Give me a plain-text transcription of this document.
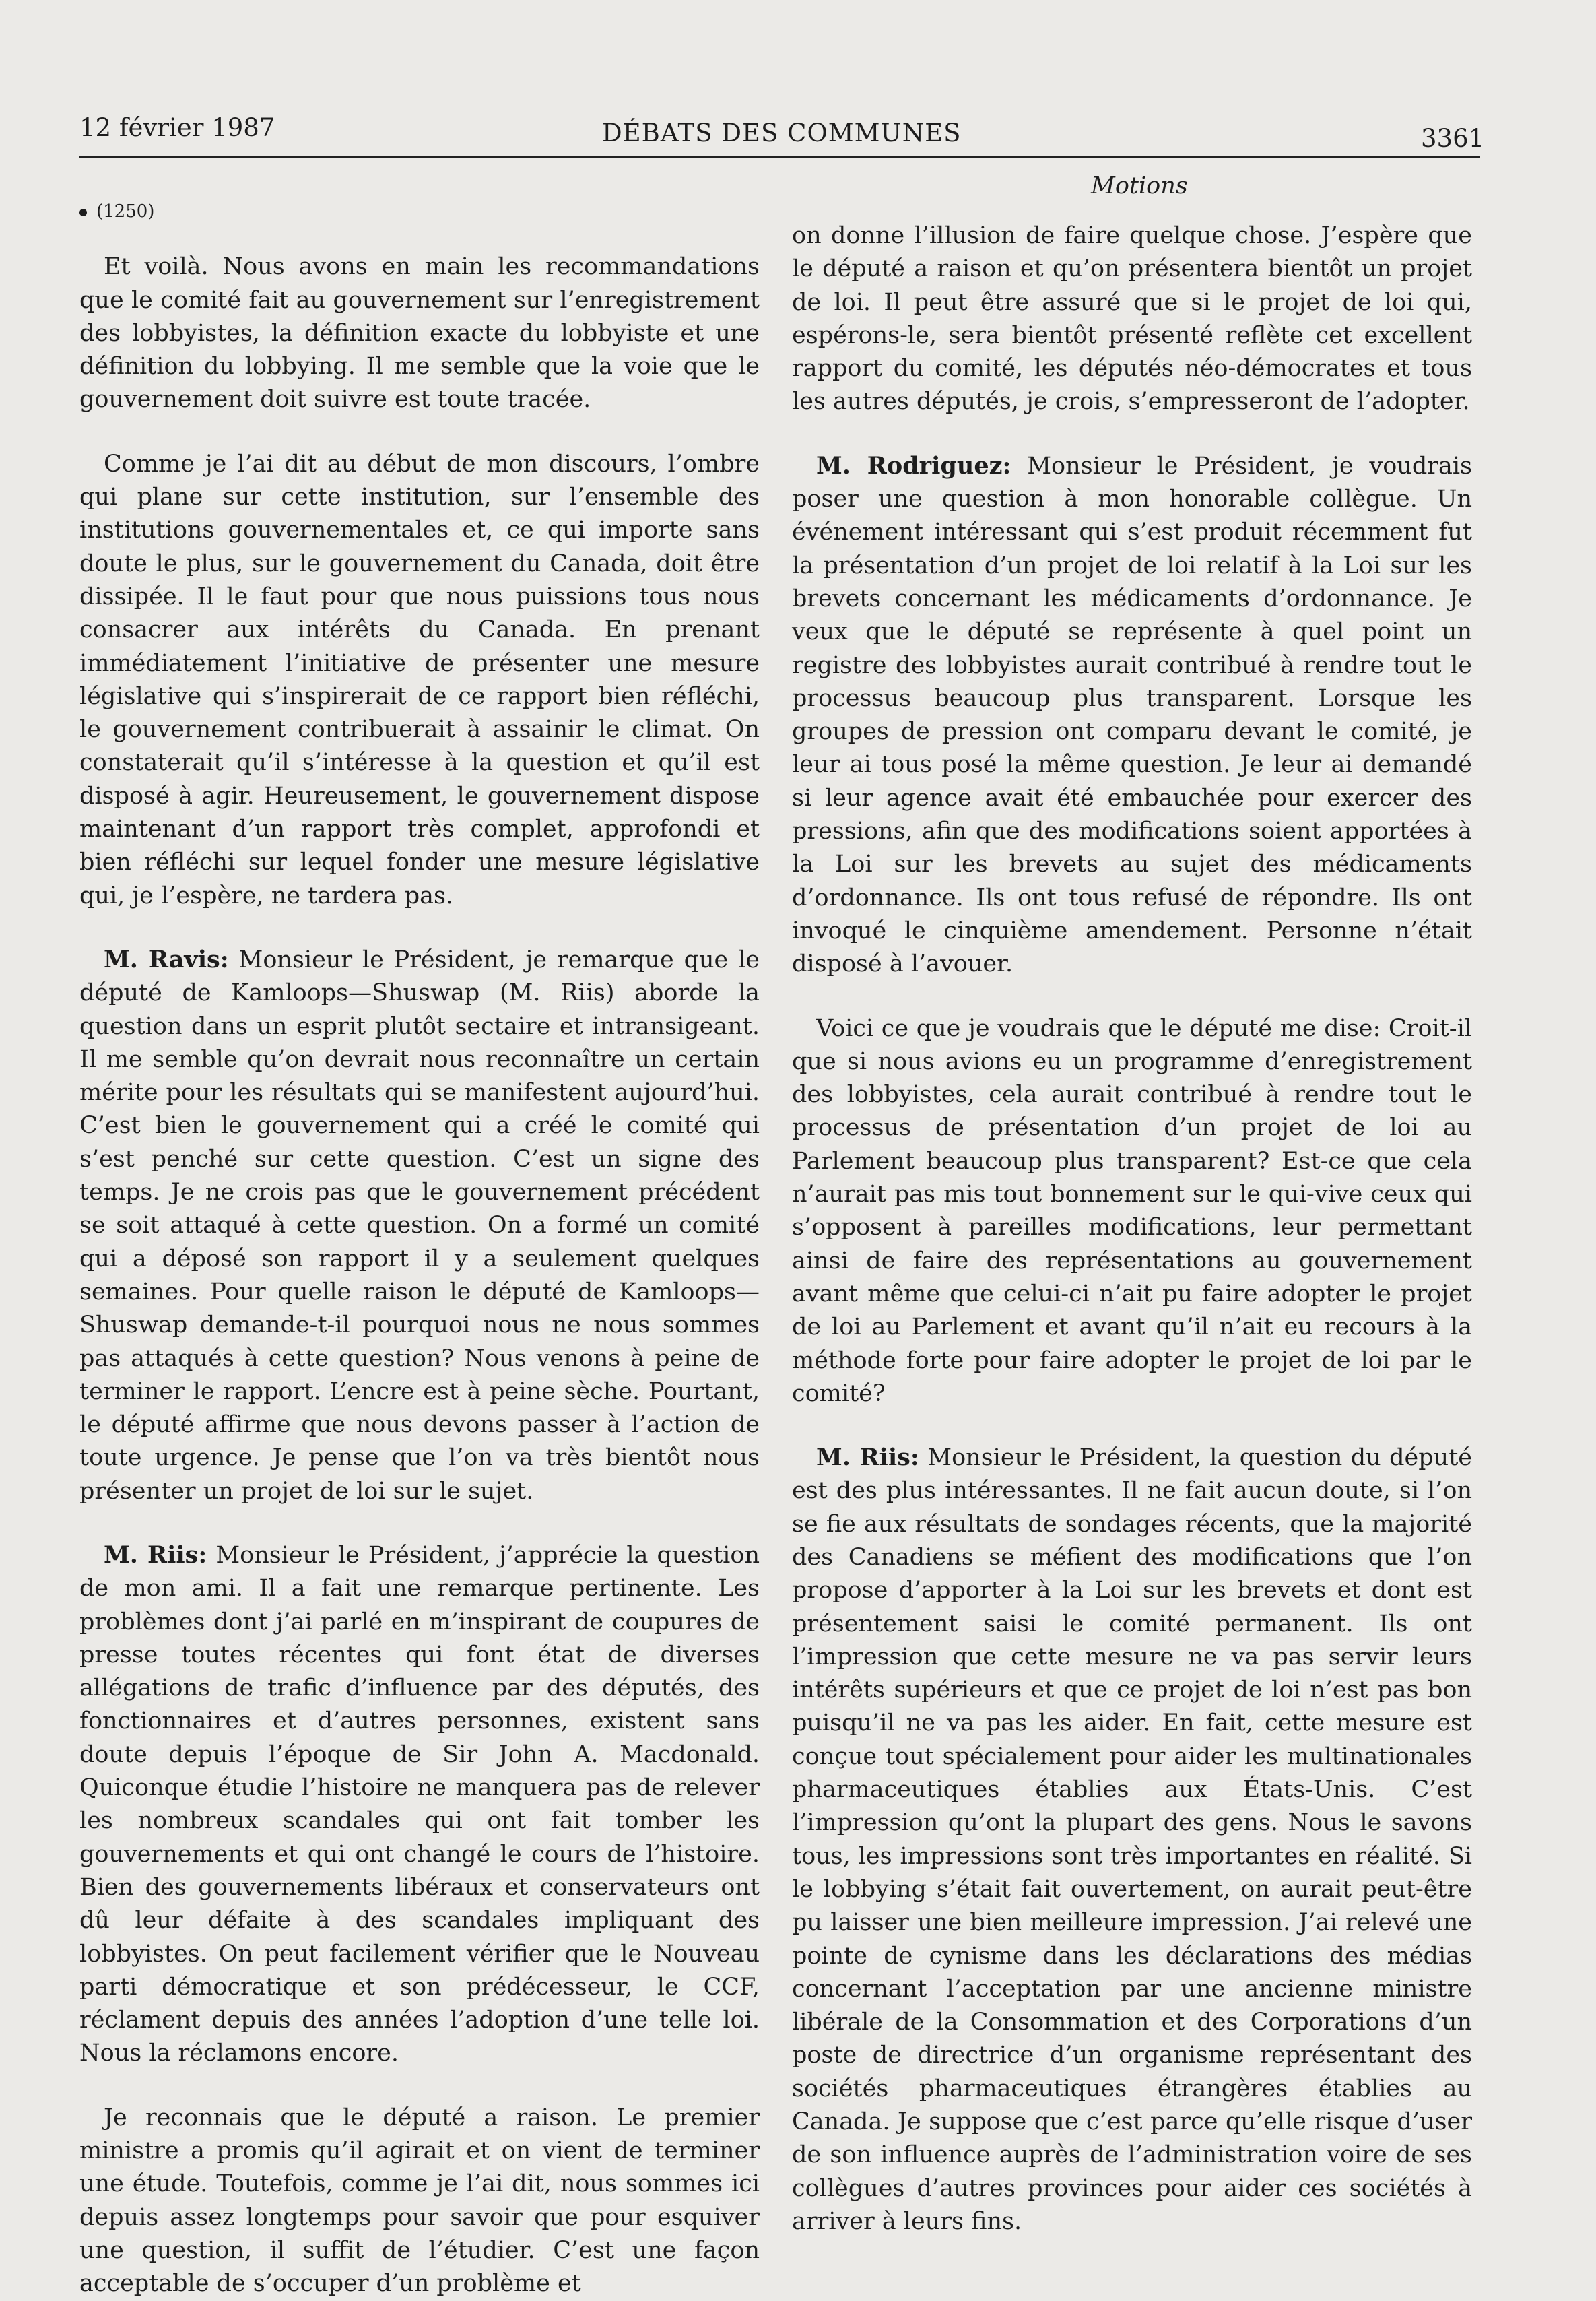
12 février 1987	DÉBATS DES COMMUNES	3361
Motions
(1250)

Et voilà. Nous avons en main les recommandations que le comité fait au gouvernement sur l’enregistrement des lobbyistes, la définition exacte du lobbyiste et une définition du lobbying. Il me semble que la voie que le gouvernement doit suivre est toute tracée.

Comme je l’ai dit au début de mon discours, l’ombre qui plane sur cette institution, sur l’ensemble des institutions gouvernementales et, ce qui importe sans doute le plus, sur le gouvernement du Canada, doit être dissipée. Il le faut pour que nous puissions tous nous consacrer aux intérêts du Canada. En prenant immédiatement l’initiative de présenter une mesure législative qui s’inspirerait de ce rapport bien réfléchi, le gouvernement contribuerait à assainir le climat. On constaterait qu’il s’intéresse à la question et qu’il est disposé à agir. Heureusement, le gouvernement dispose maintenant d’un rapport très complet, approfondi et bien réfléchi sur lequel fonder une mesure législative qui, je l’espère, ne tardera pas.

M. Ravis: Monsieur le Président, je remarque que le député de Kamloops—Shuswap (M. Riis) aborde la question dans un esprit plutôt sectaire et intransigeant. Il me semble qu’on devrait nous reconnaître un certain mérite pour les résultats qui se manifestent aujourd’hui. C’est bien le gouvernement qui a créé le comité qui s’est penché sur cette question. C’est un signe des temps. Je ne crois pas que le gouvernement précédent se soit attaqué à cette question. On a formé un comité qui a déposé son rapport il y a seulement quelques semaines. Pour quelle raison le député de Kamloops—Shuswap demande-t-il pourquoi nous ne nous sommes pas attaqués à cette question? Nous venons à peine de terminer le rapport. L’encre est à peine sèche. Pourtant, le député affirme que nous devons passer à l’action de toute urgence. Je pense que l’on va très bientôt nous présenter un projet de loi sur le sujet.

M. Riis: Monsieur le Président, j’apprécie la question de mon ami. Il a fait une remarque pertinente. Les problèmes dont j’ai parlé en m’inspirant de coupures de presse toutes récentes qui font état de diverses allégations de trafic d’influence par des députés, des fonctionnaires et d’autres personnes, existent sans doute depuis l’époque de Sir John A. Macdonald. Quiconque étudie l’histoire ne manquera pas de relever les nombreux scandales qui ont fait tomber les gouvernements et qui ont changé le cours de l’histoire. Bien des gouvernements libéraux et conservateurs ont dû leur défaite à des scandales impliquant des lobbyistes. On peut facilement vérifier que le Nouveau parti démocratique et son prédécesseur, le CCF, réclament depuis des années l’adoption d’une telle loi. Nous la réclamons encore.

Je reconnais que le député a raison. Le premier ministre a promis qu’il agirait et on vient de terminer une étude. Toutefois, comme je l’ai dit, nous sommes ici depuis assez longtemps pour savoir que pour esquiver une question, il suffit de l’étudier. C’est une façon acceptable de s’occuper d’un problème et

on donne l’illusion de faire quelque chose. J’espère que le député a raison et qu’on présentera bientôt un projet de loi. Il peut être assuré que si le projet de loi qui, espérons-le, sera bientôt présenté reflète cet excellent rapport du comité, les députés néo-démocrates et tous les autres députés, je crois, s’empresseront de l’adopter.

M. Rodriguez: Monsieur le Président, je voudrais poser une question à mon honorable collègue. Un événement intéressant qui s’est produit récemment fut la présentation d’un projet de loi relatif à la Loi sur les brevets concernant les médicaments d’ordonnance. Je veux que le député se représente à quel point un registre des lobbyistes aurait contribué à rendre tout le processus beaucoup plus transparent. Lorsque les groupes de pression ont comparu devant le comité, je leur ai tous posé la même question. Je leur ai demandé si leur agence avait été embauchée pour exercer des pressions, afin que des modifications soient apportées à la Loi sur les brevets au sujet des médicaments d’ordonnance. Ils ont tous refusé de répondre. Ils ont invoqué le cinquième amendement. Personne n’était disposé à l’avouer.

Voici ce que je voudrais que le député me dise: Croit-il que si nous avions eu un programme d’enregistrement des lobbyistes, cela aurait contribué à rendre tout le processus de présentation d’un projet de loi au Parlement beaucoup plus transparent? Est-ce que cela n’aurait pas mis tout bonnement sur le qui-vive ceux qui s’opposent à pareilles modifications, leur permettant ainsi de faire des représentations au gouvernement avant même que celui-ci n’ait pu faire adopter le projet de loi au Parlement et avant qu’il n’ait eu recours à la méthode forte pour faire adopter le projet de loi par le comité?

M. Riis: Monsieur le Président, la question du député est des plus intéressantes. Il ne fait aucun doute, si l’on se fie aux résultats de sondages récents, que la majorité des Canadiens se méfient des modifications que l’on propose d’apporter à la Loi sur les brevets et dont est présentement saisi le comité permanent. Ils ont l’impression que cette mesure ne va pas servir leurs intérêts supérieurs et que ce projet de loi n’est pas bon puisqu’il ne va pas les aider. En fait, cette mesure est conçue tout spécialement pour aider les multinationales pharmaceutiques établies aux États-Unis. C’est l’impression qu’ont la plupart des gens. Nous le savons tous, les impressions sont très importantes en réalité. Si le lobbying s’était fait ouvertement, on aurait peut-être pu laisser une bien meilleure impression. J’ai relevé une pointe de cynisme dans les déclarations des médias concernant l’acceptation par une ancienne ministre libérale de la Consommation et des Corporations d’un poste de directrice d’un organisme représentant des sociétés pharmaceutiques étrangères établies au Canada. Je suppose que c’est parce qu’elle risque d’user de son influence auprès de l’administration voire de ses collègues d’autres provinces pour aider ces sociétés à arriver à leurs fins.
